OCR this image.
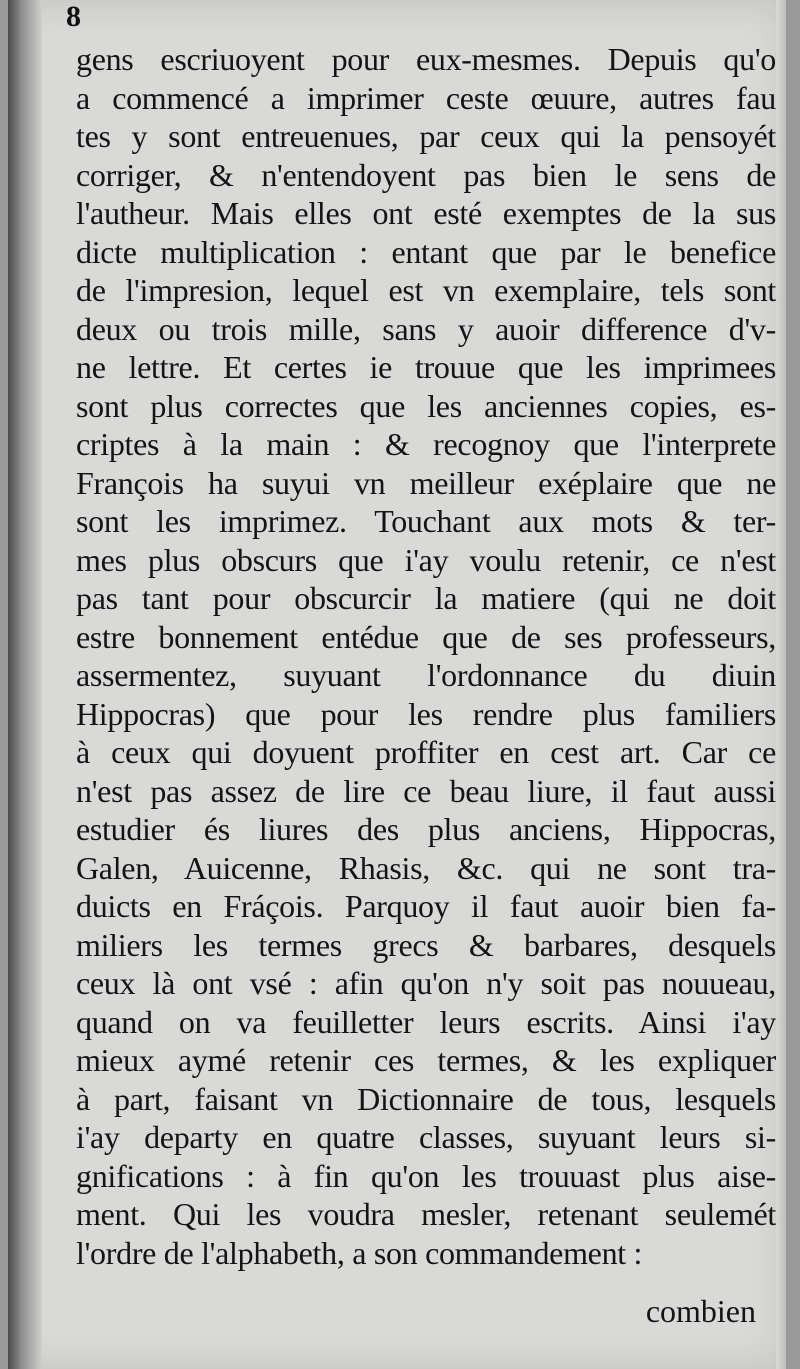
8
gens escriuoyent pour eux-mesmes. Depuis qu'o
a commencé a imprimer ceste œuure, autres fau
tes y sont entreuenues, par ceux qui la pensoyét
corriger, & n'entendoyent pas bien le sens de
l'autheur. Mais elles ont esté exemptes de la sus
dicte multiplication : entant que par le benefice
de l'impresion, lequel est vn exemplaire, tels sont
deux ou trois mille, sans y auoir difference d'v-
ne lettre. Et certes ie trouue que les imprimees
sont plus correctes que les anciennes copies, es-
criptes à la main : & recognoy que l'interprete
François ha suyui vn meilleur exéplaire que ne
sont les imprimez. Touchant aux mots & ter-
mes plus obscurs que i'ay voulu retenir, ce n'est
pas tant pour obscurcir la matiere (qui ne doit
estre bonnement entédue que de ses professeurs,
assermentez, suyuant l'ordonnance du diuin
Hippocras) que pour les rendre plus familiers
à ceux qui doyuent proffiter en cest art. Car ce
n'est pas assez de lire ce beau liure, il faut aussi
estudier és liures des plus anciens, Hippocras,
Galen, Auicenne, Rhasis, &c. qui ne sont tra-
duicts en Fráçois. Parquoy il faut auoir bien fa-
miliers les termes grecs & barbares, desquels
ceux là ont vsé : afin qu'on n'y soit pas nouueau,
quand on va feuilletter leurs escrits. Ainsi i'ay
mieux aymé retenir ces termes, & les expliquer
à part, faisant vn Dictionnaire de tous, lesquels
i'ay departy en quatre classes, suyuant leurs si-
gnifications : à fin qu'on les trouuast plus aise-
ment. Qui les voudra mesler, retenant seulemét
l'ordre de l'alphabeth, a son commandement :
combien
